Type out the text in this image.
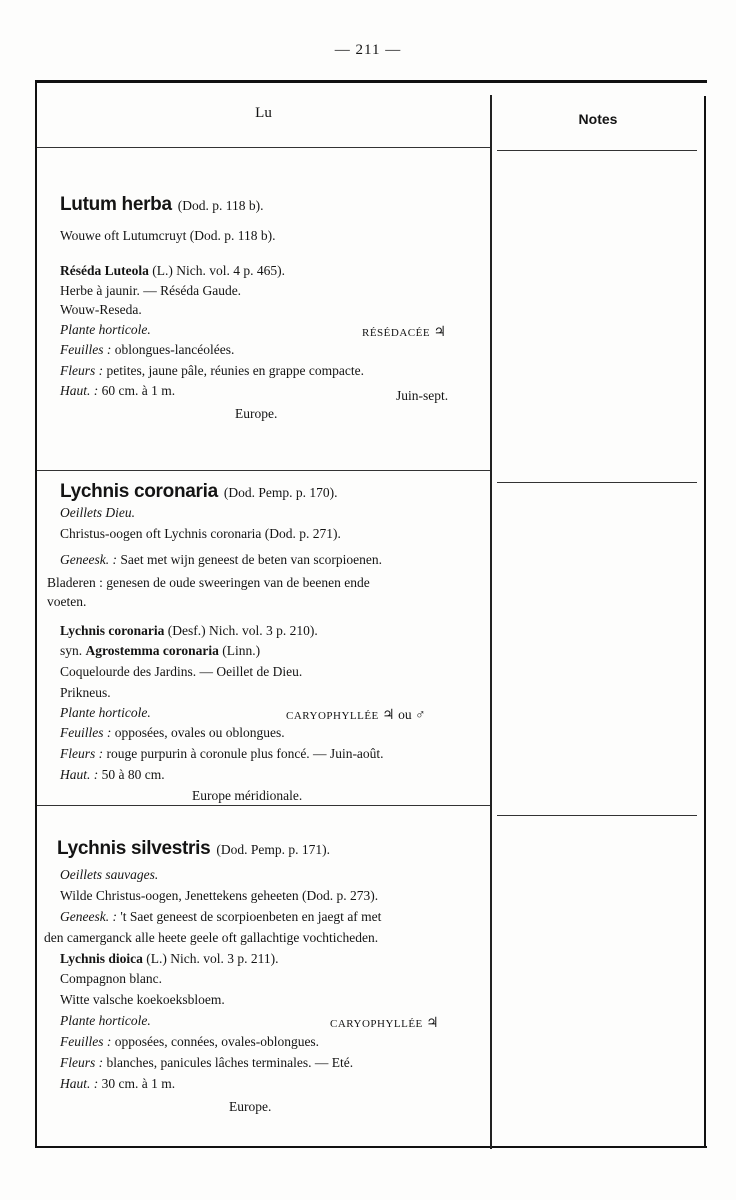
— 211 —
Lu	Notes
Lutum herba (Dod. p. 118 b).
Wouwe oft Lutumcruyt (Dod. p. 118 b).
Réséda Luteola (L.) Nich. vol. 4 p. 465).
Herbe à jaunir. — Réséda Gaude.
Wouw-Reseda.
Plante horticole.	RÉSÉDACÉE ♃
Feuilles : oblongues-lancéolées.
Fleurs : petites, jaune pâle, réunies en grappe compacte.
Haut. : 60 cm. à 1 m.	Juin-sept.
Europe.
Lychnis coronaria (Dod. Pemp. p. 170).
Oeillets Dieu.
Christus-oogen oft Lychnis coronaria (Dod. p. 271).
Geneesk. : Saet met wijn geneest de beten van scorpioenen.
Bladeren : genesen de oude sweeringen van de beenen ende
voeten.
Lychnis coronaria (Desf.) Nich. vol. 3 p. 210).
syn. Agrostemma coronaria (Linn.)
Coquelourde des Jardins. — Oeillet de Dieu.
Prikneus.
Plante horticole.	CARYOPHYLLÉE ♃ ou ♂
Feuilles : opposées, ovales ou oblongues.
Fleurs : rouge purpurin à coronule plus foncé. — Juin-août.
Haut. : 50 à 80 cm.
Europe méridionale.
Lychnis silvestris (Dod. Pemp. p. 171).
Oeillets sauvages.
Wilde Christus-oogen, Jenettekens geheeten (Dod. p. 273).
Geneesk. : 't Saet geneest de scorpioenbeten en jaegt af met
den camerganck alle heete geele oft gallachtige vochticheden.
Lychnis dioica (L.) Nich. vol. 3 p. 211).
Compagnon blanc.
Witte valsche koekoeksbloem.
Plante horticole.	CARYOPHYLLÉE ♃
Feuilles : opposées, connées, ovales-oblongues.
Fleurs : blanches, panicules lâches terminales. — Eté.
Haut. : 30 cm. à 1 m.
Europe.
